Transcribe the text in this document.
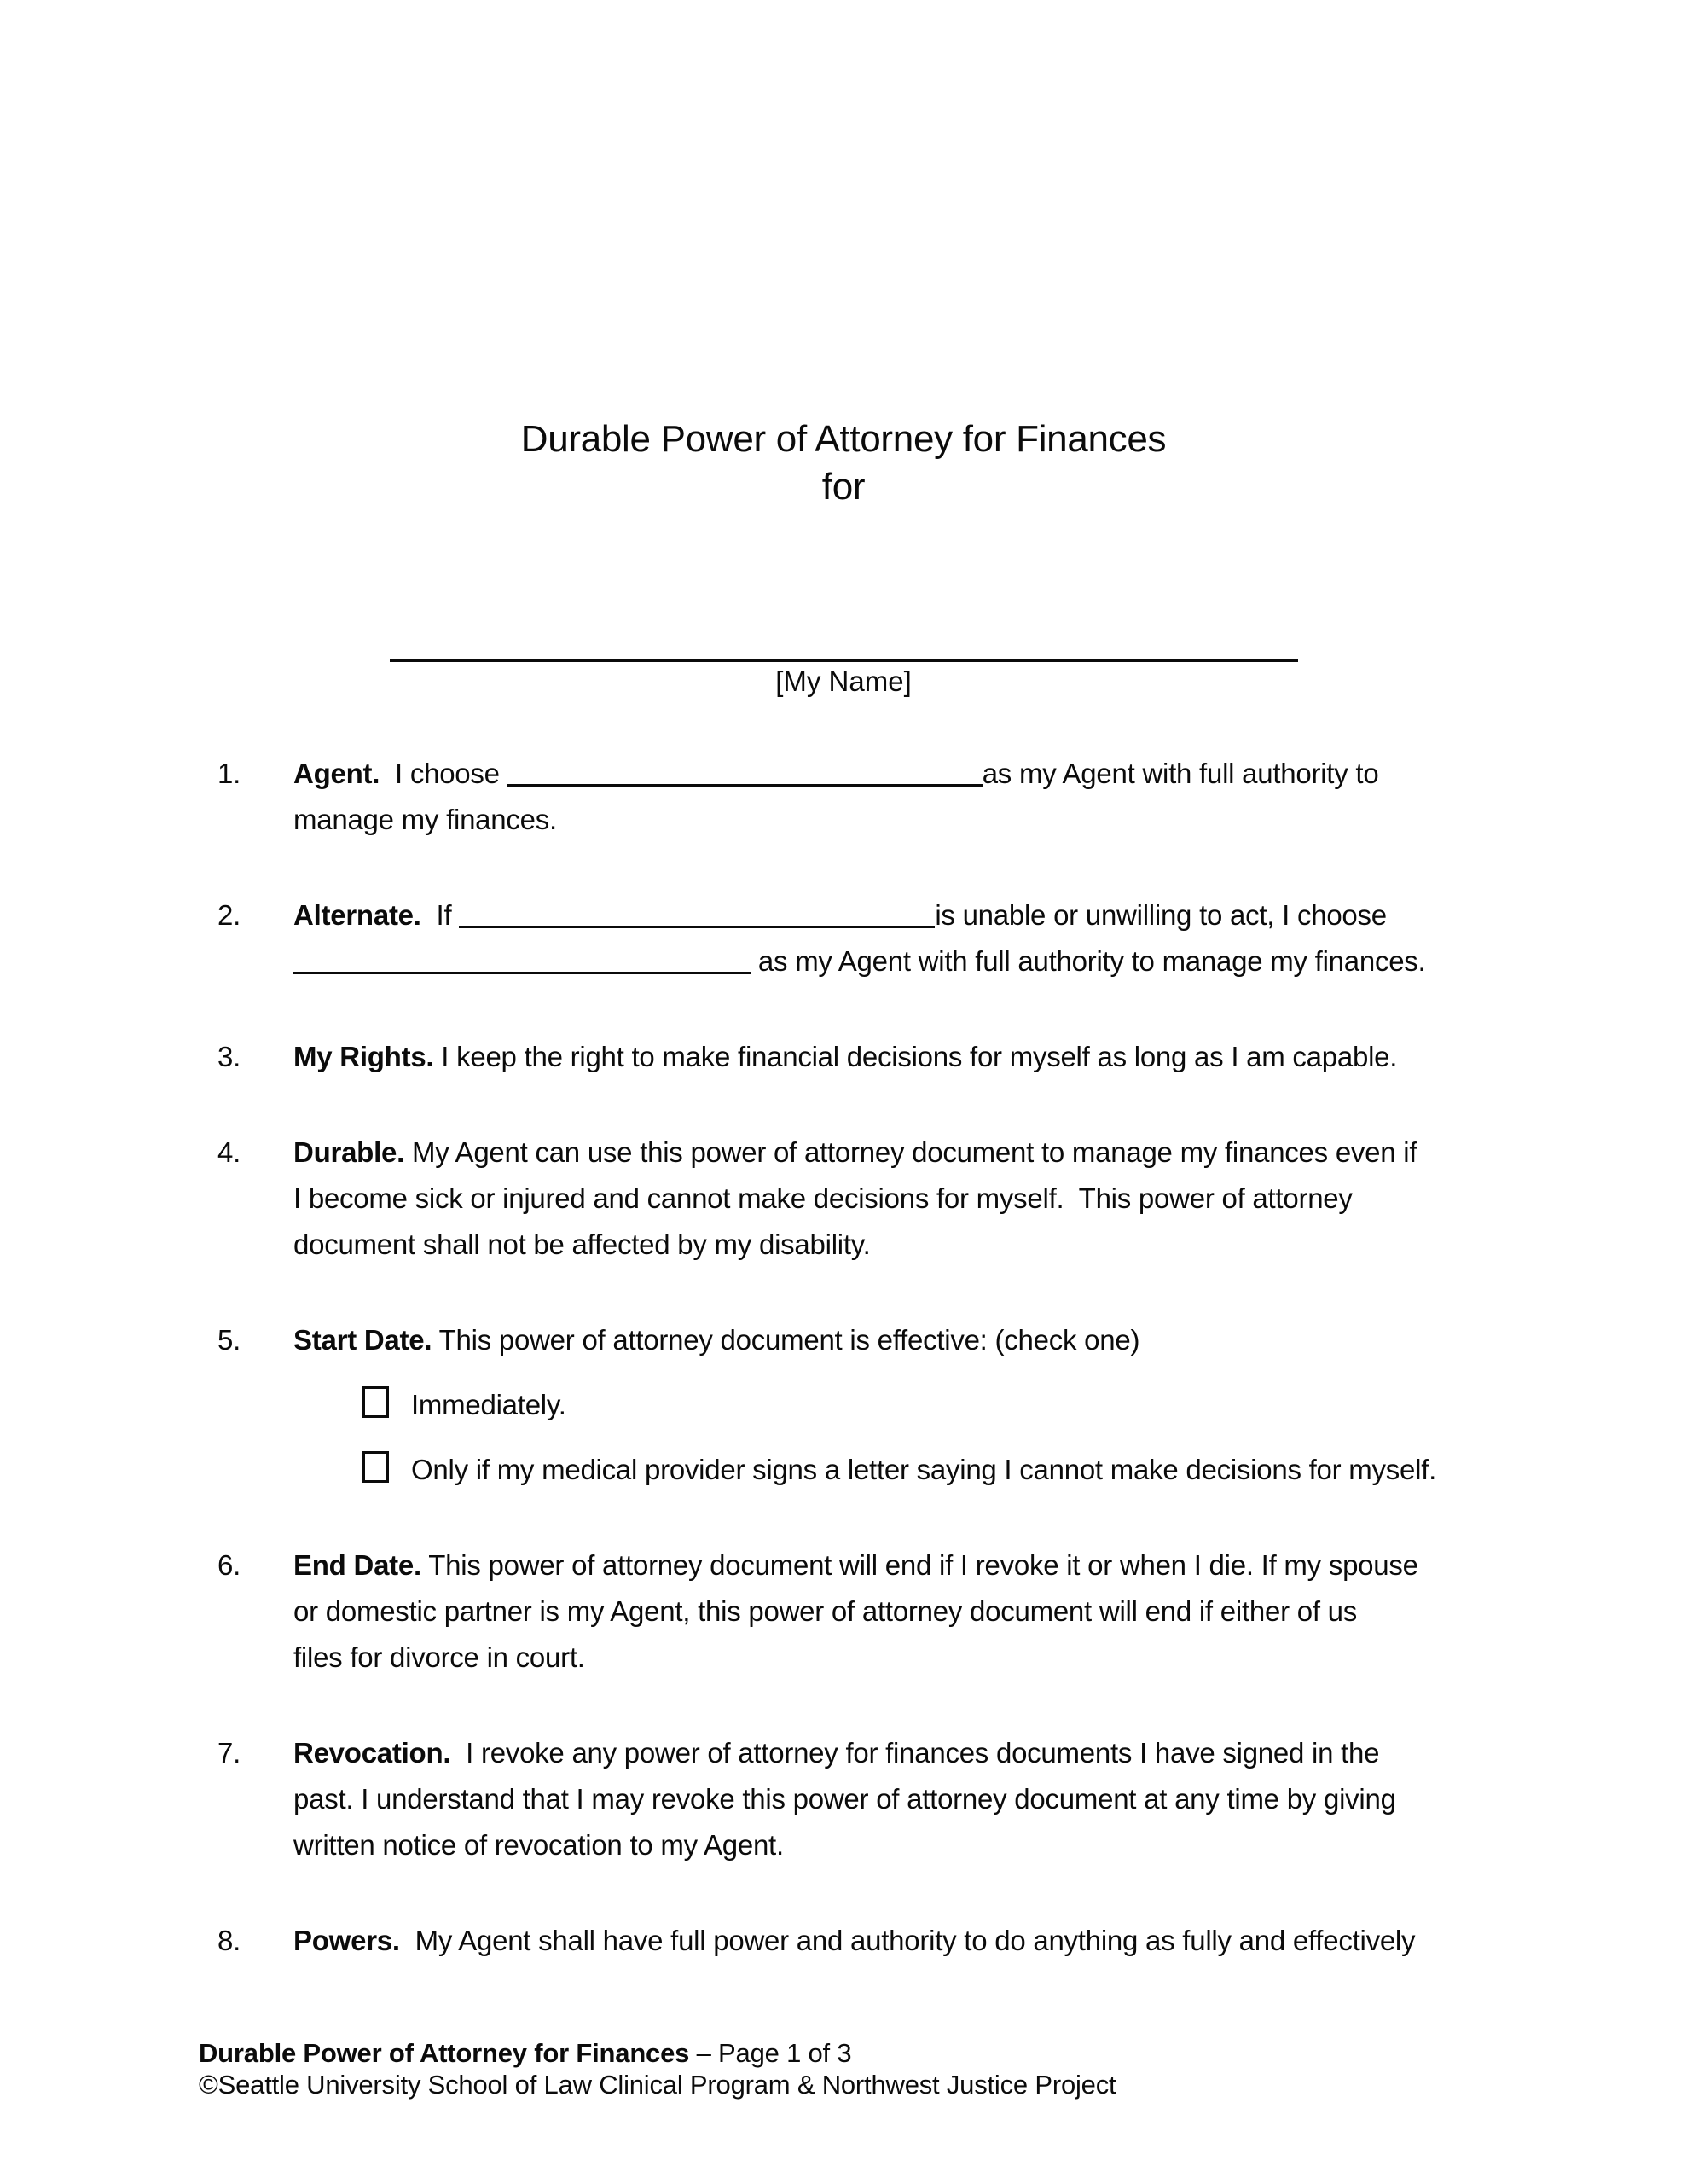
Durable Power of Attorney for Finances
for
[My Name]
1.	Agent.  I choose	as my Agent with full authority to
manage my finances.
2.	Alternate.  If	is unable or unwilling to act, I choose
as my Agent with full authority to manage my finances.
3.	My Rights. I keep the right to make financial decisions for myself as long as I am capable.
4.	Durable. My Agent can use this power of attorney document to manage my finances even if
I become sick or injured and cannot make decisions for myself.  This power of attorney
document shall not be affected by my disability.
5.	Start Date. This power of attorney document is effective: (check one)
Immediately.
Only if my medical provider signs a letter saying I cannot make decisions for myself.
6.	End Date. This power of attorney document will end if I revoke it or when I die. If my spouse
or domestic partner is my Agent, this power of attorney document will end if either of us
files for divorce in court.
7.	Revocation.  I revoke any power of attorney for finances documents I have signed in the
past. I understand that I may revoke this power of attorney document at any time by giving
written notice of revocation to my Agent.
8.	Powers.  My Agent shall have full power and authority to do anything as fully and effectively
Durable Power of Attorney for Finances – Page 1 of 3
©Seattle University School of Law Clinical Program & Northwest Justice Project
